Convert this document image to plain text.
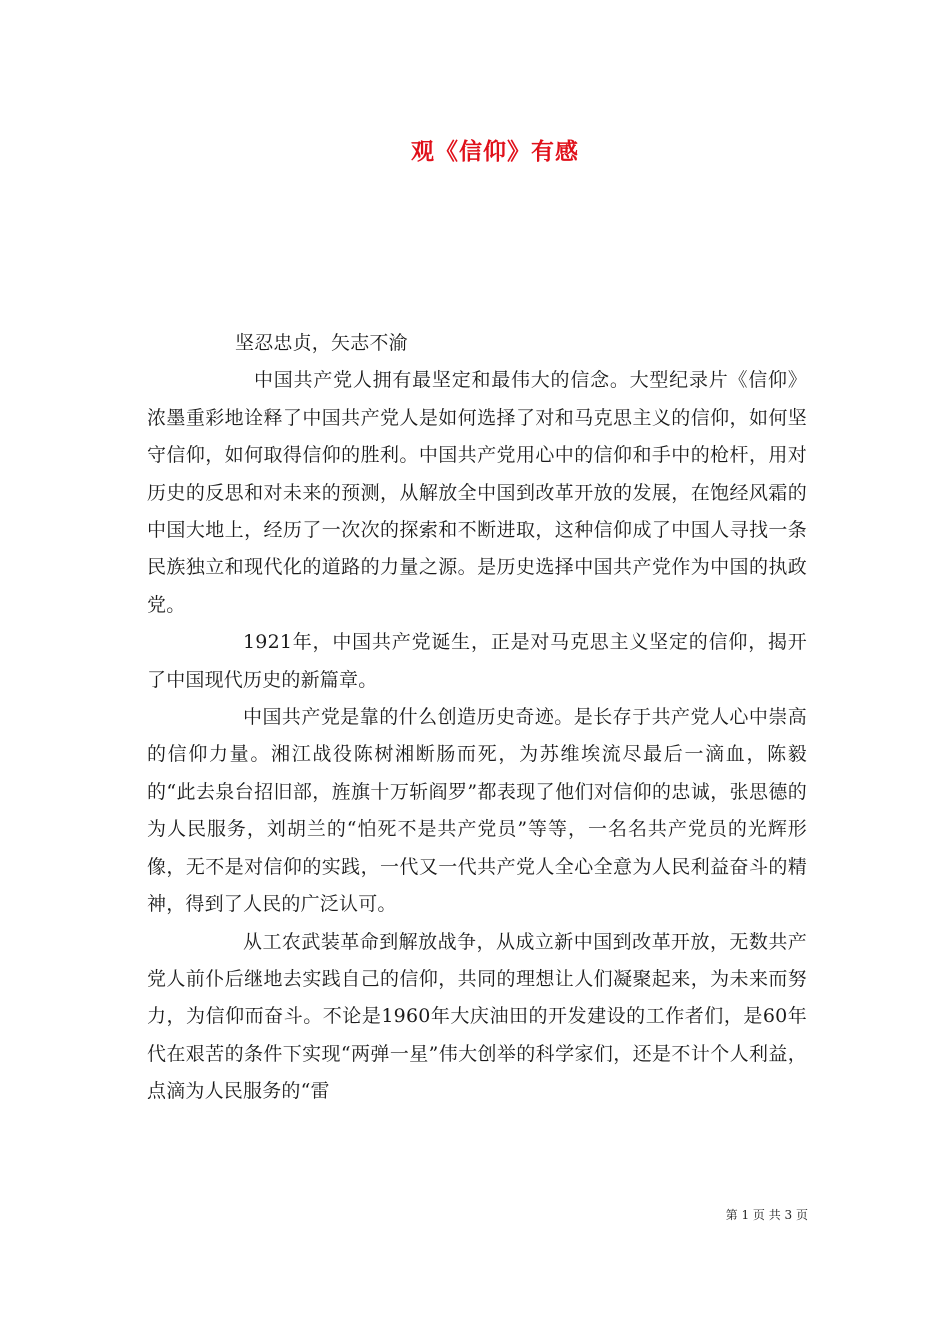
观《信仰》有感

坚忍忠贞，矢志不渝

中国共产党人拥有最坚定和最伟大的信念。大型纪录片《信仰》浓墨重彩地诠释了中国共产党人是如何选择了对和马克思主义的信仰，如何坚守信仰，如何取得信仰的胜利。中国共产党用心中的信仰和手中的枪杆，用对历史的反思和对未来的预测，从解放全中国到改革开放的发展，在饱经风霜的中国大地上，经历了一次次的探索和不断进取，这种信仰成了中国人寻找一条民族独立和现代化的道路的力量之源。是历史选择中国共产党作为中国的执政党。

1921年，中国共产党诞生，正是对马克思主义坚定的信仰，揭开了中国现代历史的新篇章。

中国共产党是靠的什么创造历史奇迹。是长存于共产党人心中崇高的信仰力量。湘江战役陈树湘断肠而死，为苏维埃流尽最后一滴血，陈毅的“此去泉台招旧部，旌旗十万斩阎罗”都表现了他们对信仰的忠诚，张思德的为人民服务，刘胡兰的“怕死不是共产党员”等等，一名名共产党员的光辉形像，无不是对信仰的实践，一代又一代共产党人全心全意为人民利益奋斗的精神，得到了人民的广泛认可。

从工农武装革命到解放战争，从成立新中国到改革开放，无数共产党人前仆后继地去实践自己的信仰，共同的理想让人们凝聚起来，为未来而努力，为信仰而奋斗。不论是1960年大庆油田的开发建设的工作者们，是60年代在艰苦的条件下实现“两弹一星”伟大创举的科学家们，还是不计个人利益，点滴为人民服务的“雷

第 1 页 共 3 页
